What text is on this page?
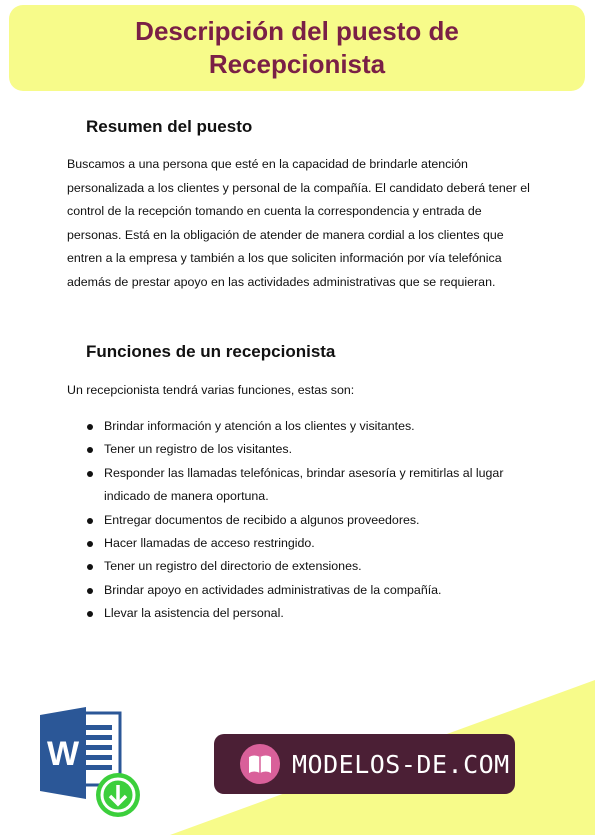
Descripción del puesto de Recepcionista
Resumen del puesto

Buscamos a una persona que esté en la capacidad de brindarle atención personalizada a los clientes y personal de la compañía. El candidato deberá tener el control de la recepción tomando en cuenta la correspondencia y entrada de personas. Está en la obligación de atender de manera cordial a los clientes que entren a la empresa y también a los que soliciten información por vía telefónica además de prestar apoyo en las actividades administrativas que se requieran.

Funciones de un recepcionista

Un recepcionista tendrá varias funciones, estas son:

Brindar información y atención a los clientes y visitantes.
Tener un registro de los visitantes.
Responder las llamadas telefónicas, brindar asesoría y remitirlas al lugar indicado de manera oportuna.
Entregar documentos de recibido a algunos proveedores.
Hacer llamadas de acceso restringido.
Tener un registro del directorio de extensiones.
Brindar apoyo en actividades administrativas de la compañía.
Llevar la asistencia del personal.
W	MODELOS-DE.COM
